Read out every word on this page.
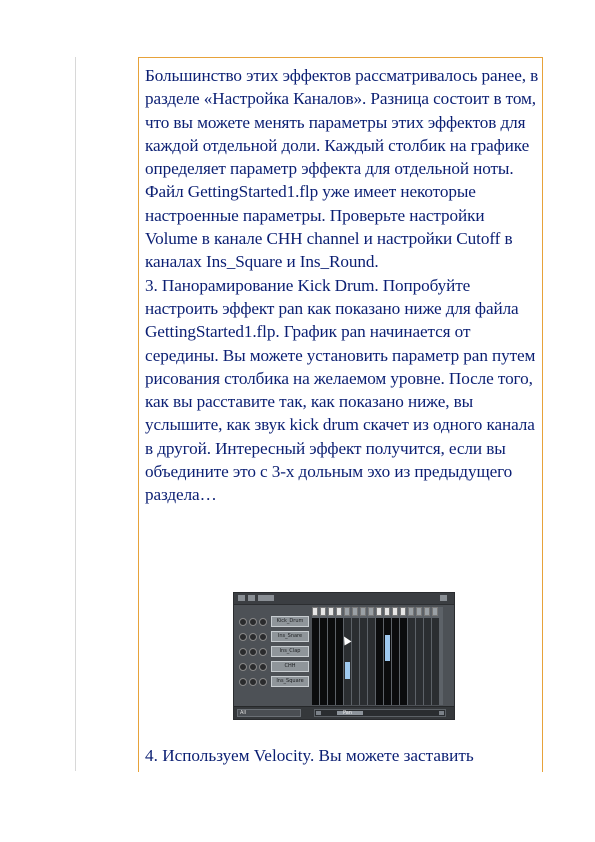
Большинство этих эффектов рассматривалось ранее, в разделе «Настройка Каналов». Разница состоит в том, что вы можете менять параметры этих эффектов для каждой отдельной доли. Каждый столбик на графике определяет параметр эффекта для отдельной ноты. Файл GettingStarted1.flp уже имеет некоторые настроенные параметры. Проверьте настройки Volume в канале CHH channel и настройки Cutoff в каналах Ins_Square и Ins_Round.

3. Панорамирование Kick Drum. Попробуйте настроить эффект pan как показано ниже для файла GettingStarted1.flp. График pan начинается от середины. Вы можете установить параметр pan путем рисования столбика на желаемом уровне. После того, как вы расставите так, как показано ниже, вы услышите, как звук kick drum скачет из одного канала в другой. Интересный эффект получится, если вы объедините это с 3-х дольным эхо из предыдущего раздела…

Kick_Drum
Ins_Snare
Ins_Clap
CHH
Ins_Square
All	Pan

4. Используем Velocity. Вы можете заставить
